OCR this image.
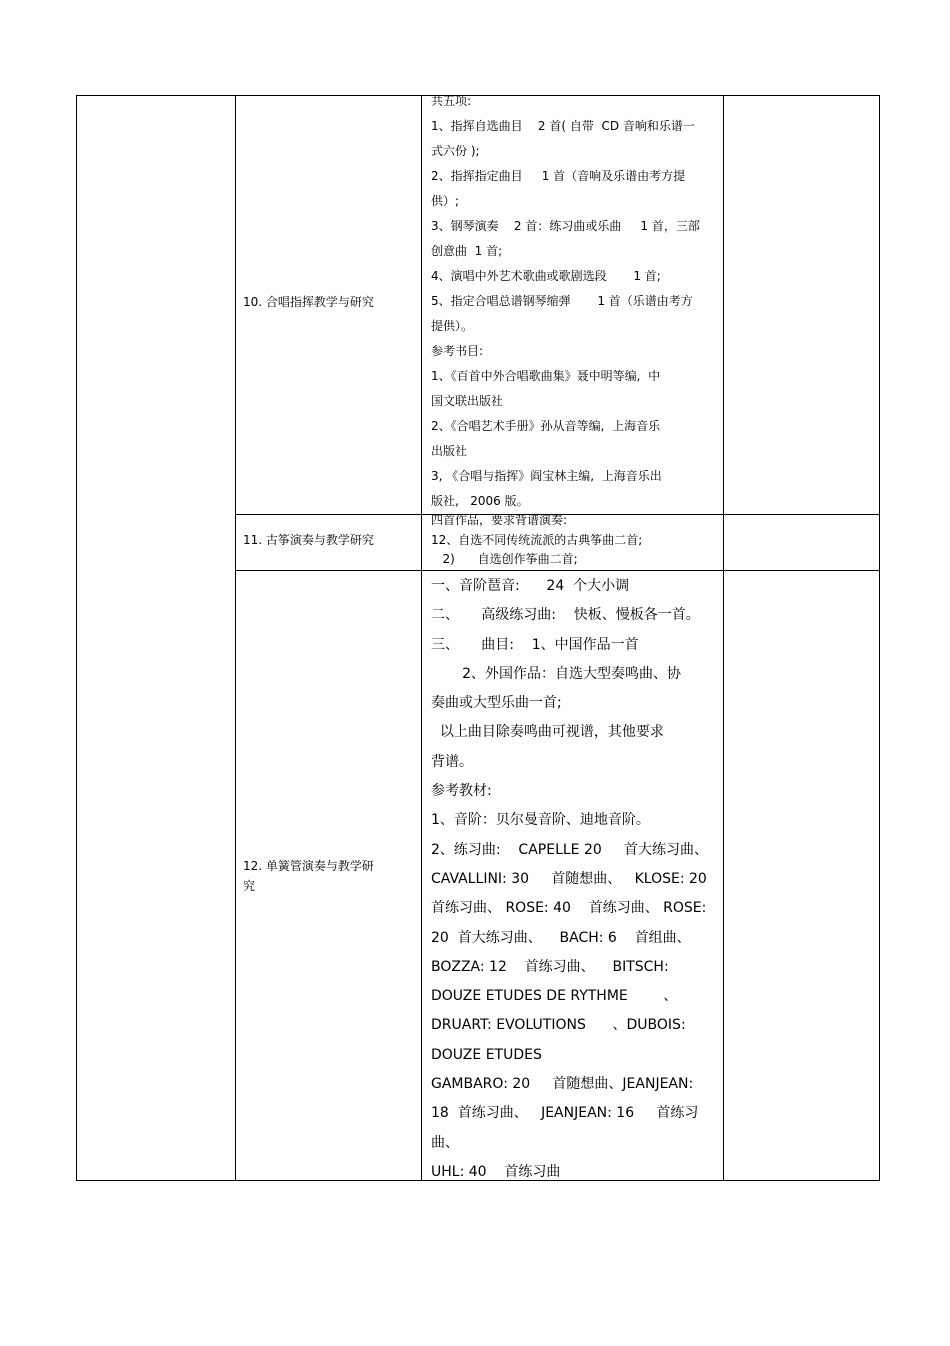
10. 合唱指挥教学与研究
共五项:
1、指挥自选曲目    2 首( 自带  CD 音响和乐谱一
式六份 );
2、指挥指定曲目     1 首（音响及乐谱由考方提
供）;
3、钢琴演奏    2 首：练习曲或乐曲     1 首，三部
创意曲  1 首;
4、演唱中外艺术歌曲或歌剧选段       1 首;
5、指定合唱总谱钢琴缩弹       1 首（乐谱由考方
提供）。
参考书目:
1、《百首中外合唱歌曲集》聂中明等编,  中
国文联出版社
2、《合唱艺术手册》孙从音等编,  上海音乐
出版社
3, 《合唱与指挥》阎宝林主编,  上海音乐出
版社,   2006 版。
11. 古筝演奏与教学研究
四首作品，要求背谱演奏:
12、自选不同传统流派的古典筝曲二首;
2)      自选创作筝曲二首;
12. 单簧管演奏与教学研
究
一、音阶琶音:      24  个大小调
二、     高级练习曲:    快板、慢板各一首。
三、     曲目:    1、中国作品一首
2、外国作品：自选大型奏鸣曲、协
奏曲或大型乐曲一首;
以上曲目除奏鸣曲可视谱，其他要求
背谱。
参考教材:
1、音阶：贝尔曼音阶、迪地音阶。
2、练习曲:    CAPELLE 20     首大练习曲、
CAVALLINI: 30     首随想曲、   KLOSE: 20
首练习曲、 ROSE: 40    首练习曲、 ROSE:
20  首大练习曲、    BACH: 6    首组曲、
BOZZA: 12    首练习曲、    BITSCH:
DOUZE ETUDES DE RYTHME        、
DRUART: EVOLUTIONS      、DUBOIS:
DOUZE ETUDES
GAMBARO: 20     首随想曲、JEANJEAN:
18  首练习曲、   JEANJEAN: 16     首练习
曲、
UHL: 40    首练习曲
